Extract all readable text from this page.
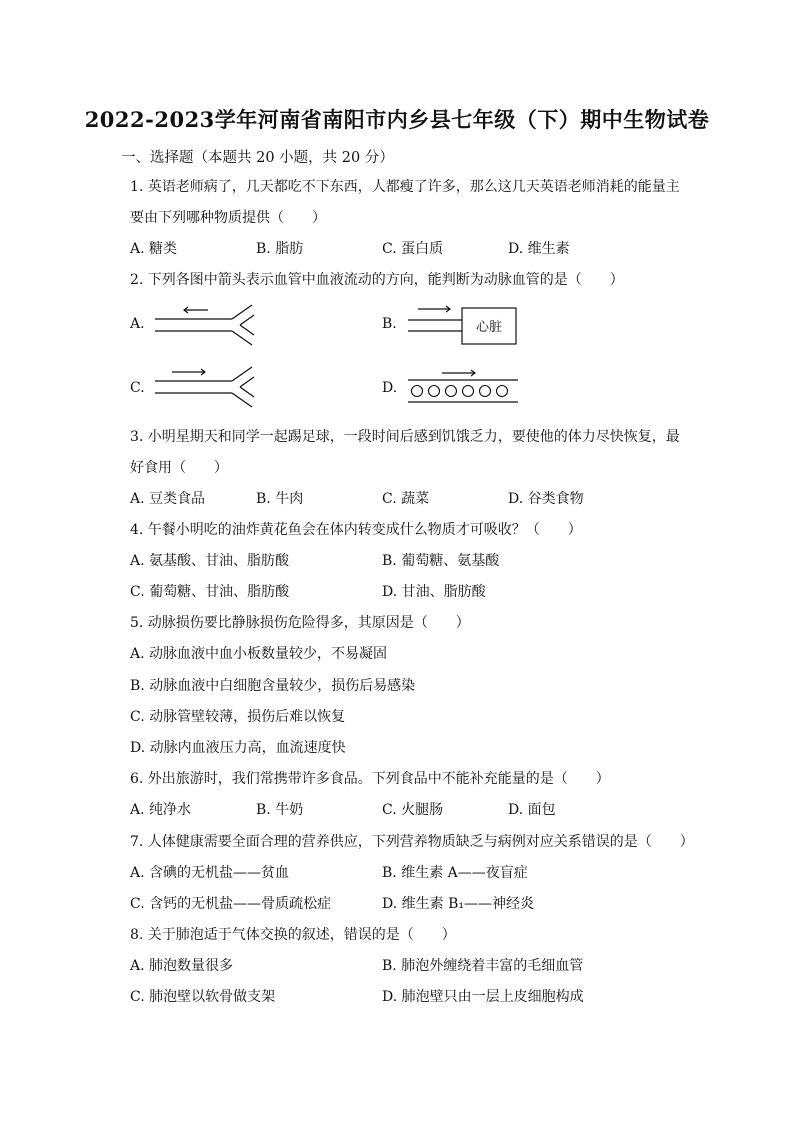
2022-2023学年河南省南阳市内乡县七年级（下）期中生物试卷
一、选择题（本题共 20 小题，共 20 分）
1. 英语老师病了，几天都吃不下东西，人都瘦了许多，那么这几天英语老师消耗的能量主
要由下列哪种物质提供（　　）
A. 糖类	B. 脂肪	C. 蛋白质	D. 维生素
2. 下列各图中箭头表示血管中血液流动的方向，能判断为动脉血管的是（　　）
A.	B.	心脏
C.	D.
3. 小明星期天和同学一起踢足球，一段时间后感到饥饿乏力，要使他的体力尽快恢复，最
好食用（　　）
A. 豆类食品	B. 牛肉	C. 蔬菜	D. 谷类食物
4. 午餐小明吃的油炸黄花鱼会在体内转变成什么物质才可吸收？（　　）
A. 氨基酸、甘油、脂肪酸	B. 葡萄糖、氨基酸
C. 葡萄糖、甘油、脂肪酸	D. 甘油、脂肪酸
5. 动脉损伤要比静脉损伤危险得多，其原因是（　　）
A. 动脉血液中血小板数量较少，不易凝固
B. 动脉血液中白细胞含量较少，损伤后易感染
C. 动脉管壁较薄，损伤后难以恢复
D. 动脉内血液压力高，血流速度快
6. 外出旅游时，我们常携带许多食品。下列食品中不能补充能量的是（　　）
A. 纯净水	B. 牛奶	C. 火腿肠	D. 面包
7. 人体健康需要全面合理的营养供应，下列营养物质缺乏与病例对应关系错误的是（　　）
A. 含碘的无机盐——贫血	B. 维生素 A——夜盲症
C. 含钙的无机盐——骨质疏松症	D. 维生素 B₁——神经炎
8. 关于肺泡适于气体交换的叙述，错误的是（　　）
A. 肺泡数量很多	B. 肺泡外缠绕着丰富的毛细血管
C. 肺泡壁以软骨做支架	D. 肺泡壁只由一层上皮细胞构成
